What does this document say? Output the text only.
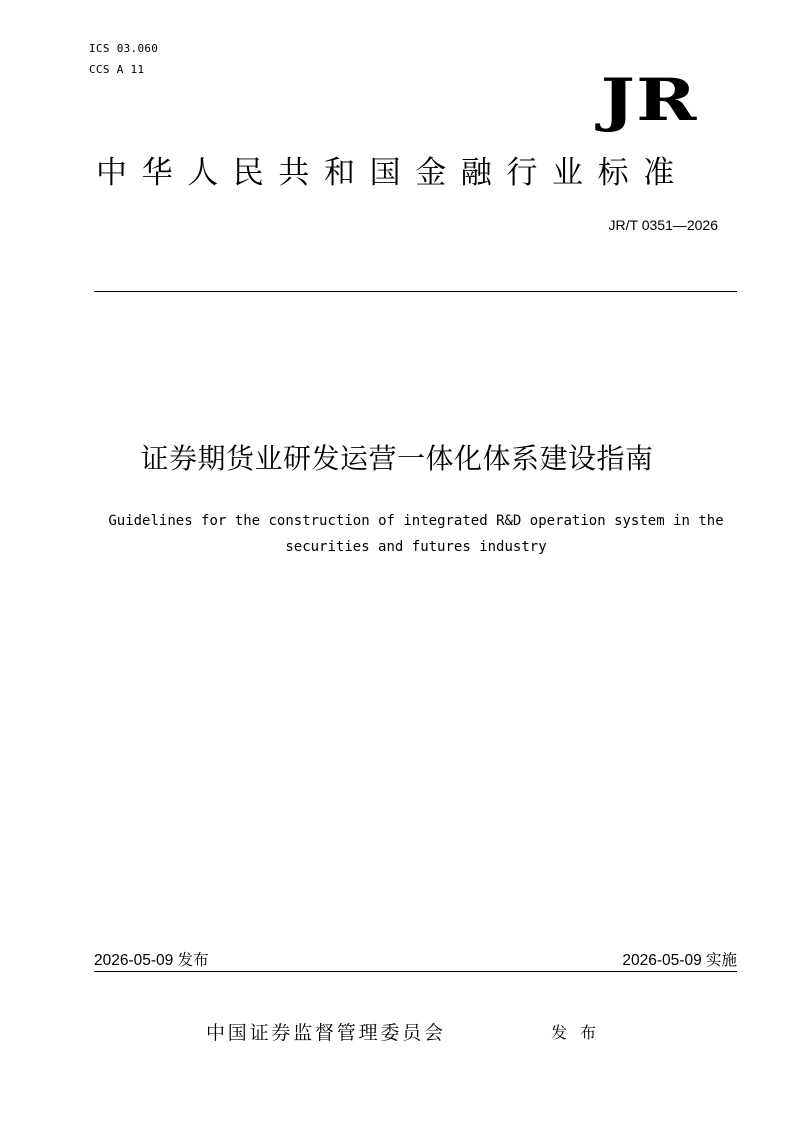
ICS 03.060
CCS A 11	JR
中华人民共和国金融行业标准
JR/T 0351—2026
证券期货业研发运营一体化体系建设指南
Guidelines for the construction of integrated R&D operation system in the securities and futures industry
2026-05-09 发布	2026-05-09 实施
中国证券监督管理委员会	发布
